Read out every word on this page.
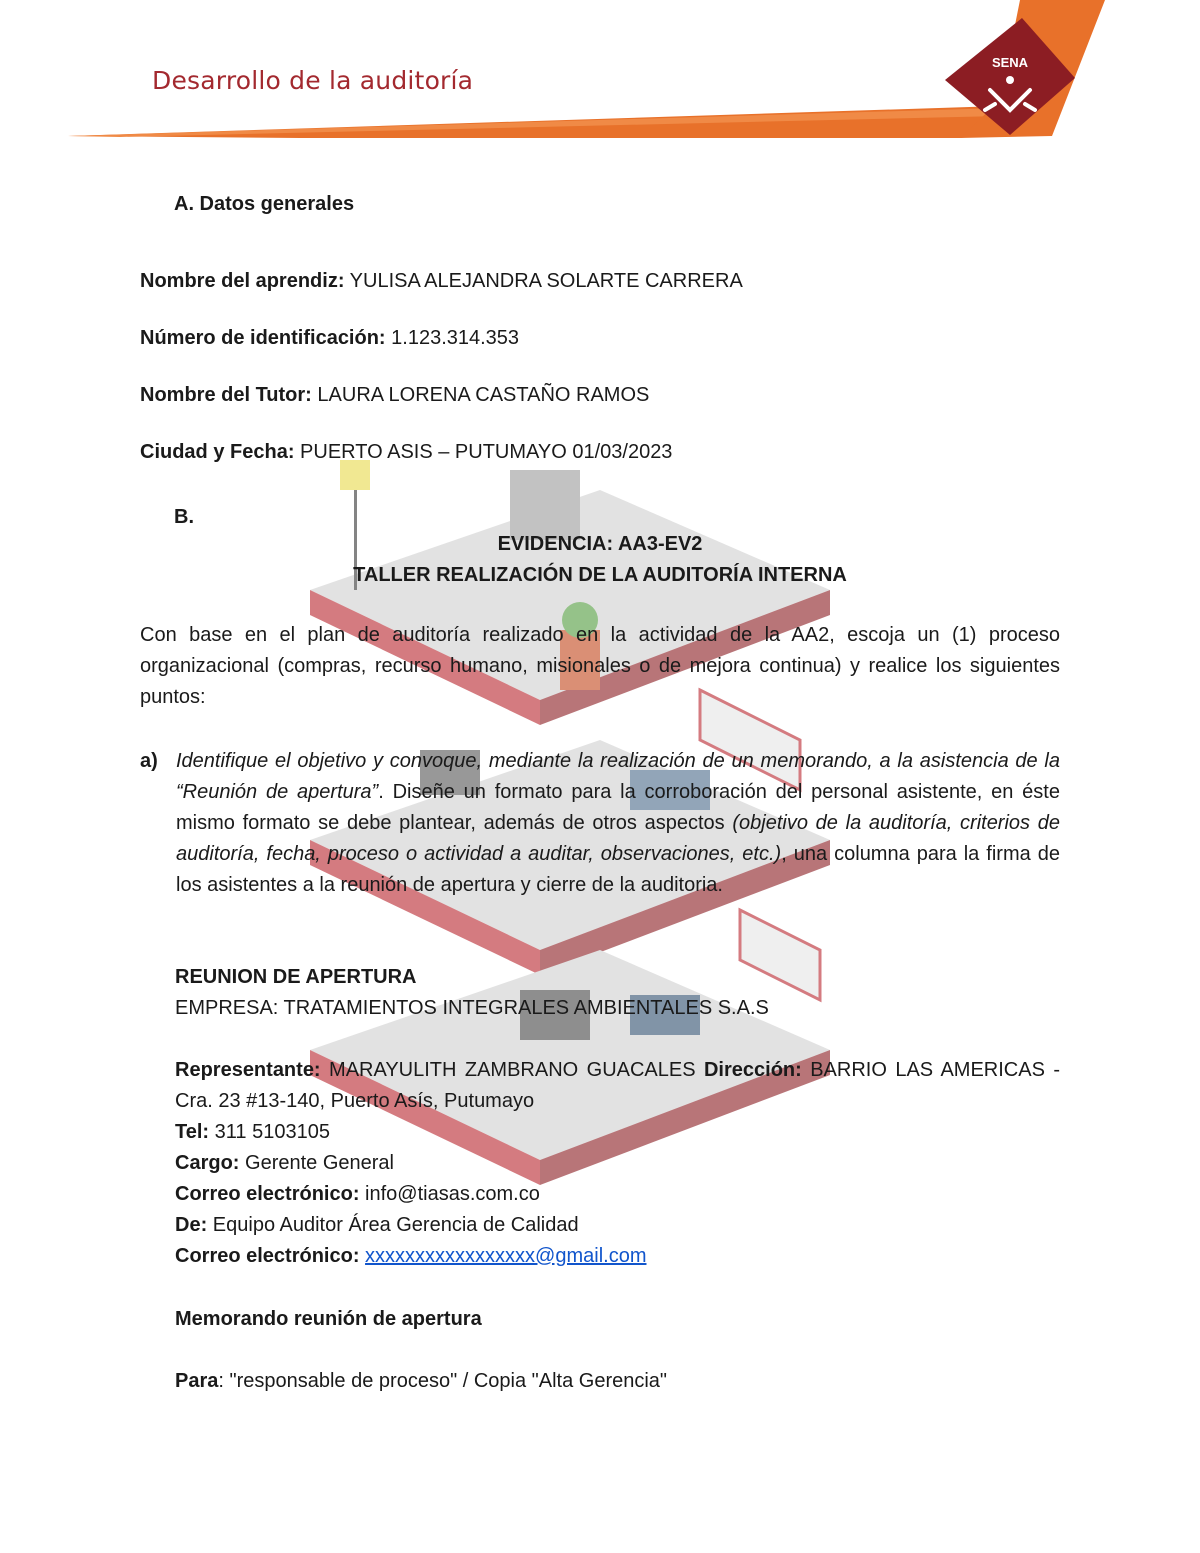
SENA
Desarrollo de la auditoría

A. Datos generales

Nombre del aprendiz: YULISA ALEJANDRA SOLARTE CARRERA

Número de identificación: 1.123.314.353

Nombre del Tutor: LAURA LORENA CASTAÑO RAMOS

Ciudad y Fecha: PUERTO ASIS – PUTUMAYO 01/03/2023

B.

EVIDENCIA: AA3-EV2

TALLER REALIZACIÓN DE LA AUDITORÍA INTERNA

Con base en el plan de auditoría realizado en la actividad de la AA2, escoja un (1) proceso organizacional (compras, recurso humano, misionales o de mejora continua) y realice los siguientes puntos:

a) Identifique el objetivo y convoque, mediante la realización de un memorando, a la asistencia de la “Reunión de apertura”. Diseñe un formato para la corroboración del personal asistente, en éste mismo formato se debe plantear, además de otros aspectos (objetivo de la auditoría, criterios de auditoría, fecha, proceso o actividad a auditar, observaciones, etc.), una columna para la firma de los asistentes a la reunión de apertura y cierre de la auditoria.

REUNION DE APERTURA

EMPRESA: TRATAMIENTOS INTEGRALES AMBIENTALES S.A.S

Representante: MARAYULITH ZAMBRANO GUACALES Dirección: BARRIO LAS AMERICAS - Cra. 23 #13-140, Puerto Asís, Putumayo

Tel: 311 5103105

Cargo: Gerente General

Correo electrónico: info@tiasas.com.co

De: Equipo Auditor Área Gerencia de Calidad

Correo electrónico: xxxxxxxxxxxxxxxxx@gmail.com

Memorando reunión de apertura

Para: "responsable de proceso" / Copia "Alta Gerencia"
